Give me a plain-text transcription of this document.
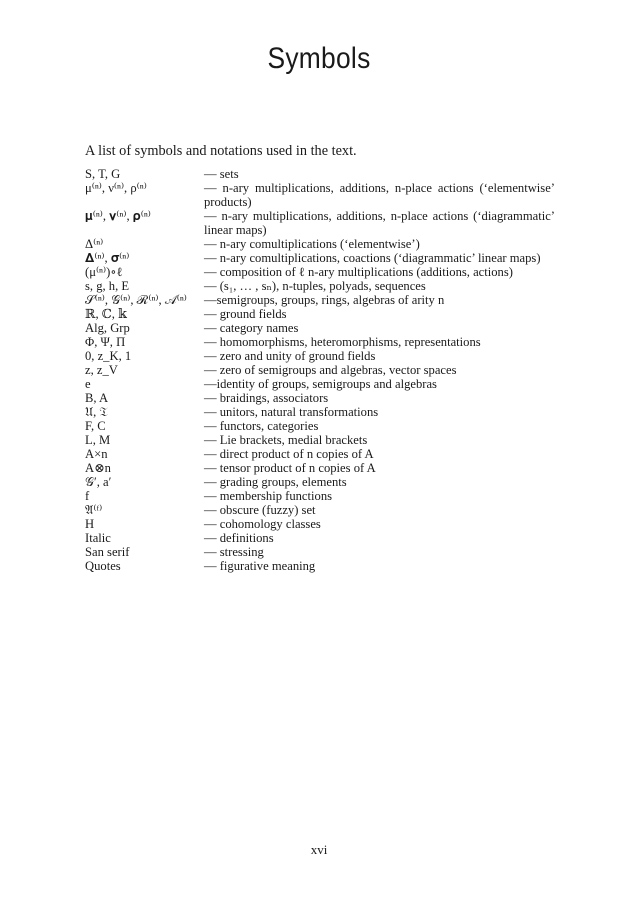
Symbols
A list of symbols and notations used in the text.
S, T, G	— sets
μ⁽ⁿ⁾, ν⁽ⁿ⁾, ρ⁽ⁿ⁾	— n-ary multiplications, additions, n-place actions (‘elementwise’ products)
𝛍⁽ⁿ⁾, 𝛎⁽ⁿ⁾, 𝛒⁽ⁿ⁾	— n-ary multiplications, additions, n-place actions (‘diagrammatic’ linear maps)
Δ⁽ⁿ⁾	— n-ary comultiplications (‘elementwise’)
𝚫⁽ⁿ⁾, 𝛔⁽ⁿ⁾	— n-ary comultiplications, coactions (‘diagrammatic’ linear maps)
(μ⁽ⁿ⁾)∘ℓ	— composition of ℓ n-ary multiplications (additions, actions)
s, g, h, E	— (s₁, … , sₙ), n-tuples, polyads, sequences
𝒮⁽ⁿ⁾, 𝒢⁽ⁿ⁾, ℛ⁽ⁿ⁾, 𝒜⁽ⁿ⁾	—semigroups, groups, rings, algebras of arity n
ℝ, ℂ, 𝕜	— ground fields
Alg, Grp	— category names
Φ, Ψ, Π	— homomorphisms, heteromorphisms, representations
0, z_K, 1	— zero and unity of ground fields
z, z_V	— zero of semigroups and algebras, vector spaces
e	—identity of groups, semigroups and algebras
B, A	— braidings, associators
𝔘, 𝔗	— unitors, natural transformations
F, C	— functors, categories
L, M	— Lie brackets, medial brackets
A×n	— direct product of n copies of A
A⊗n	— tensor product of n copies of A
𝒢′, a′	— grading groups, elements
f	— membership functions
𝔄⁽ᶠ⁾	— obscure (fuzzy) set
H	— cohomology classes
Italic	— definitions
San serif	— stressing
Quotes	— figurative meaning
xvi
